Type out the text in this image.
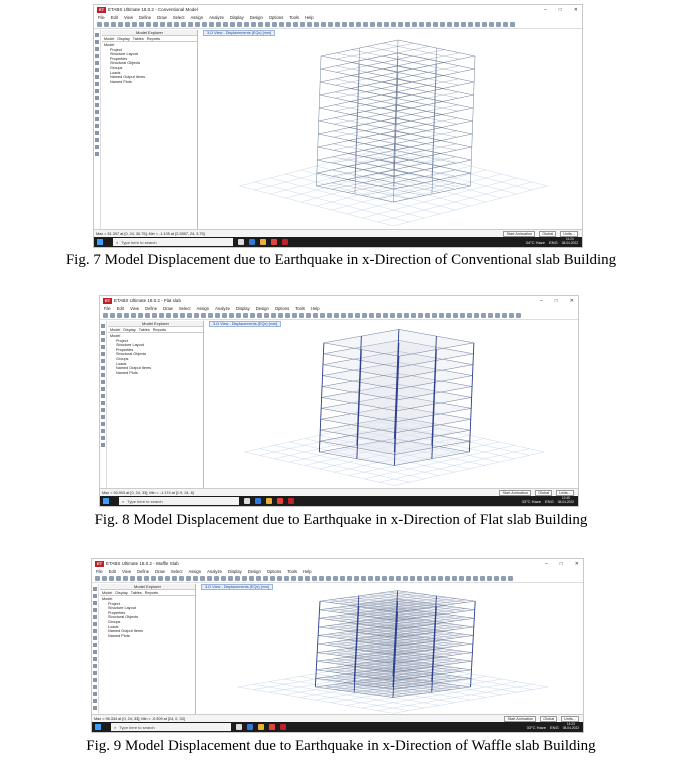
ET ETABS Ultimate 18.0.2 - Conventional Model	– □ ✕
File Edit View Define Draw Select Assign Analyze Display Design Options Tools Help
Model Explorer
Model Display Tables Reports
Model
Project
Structure Layout
Properties
Structural Objects
Groups
Loads
Named Output Items
Named Plots
3-D View - Displacements (EQx) [mm]
Max = 51.397 at [0, 24, 30.75]; Min = -1.105 at [2.2857, 24, 3.75]	Start Animation	Global	Units...
⌕ Type here to search	34°C Haze ENG
11:24
08-04-2022
Fig. 7 Model Displacement due to Earthquake in x-Direction of Conventional slab Building
ET ETABS Ultimate 18.0.2 - Flat slab	– □ ✕
File Edit View Define Draw Select Assign Analyze Display Design Options Tools Help
Model Explorer
Model Display Tables Reports
Model
Project
Structure Layout
Properties
Structural Objects
Groups
Loads
Named Output Items
Named Plots
3-D View - Displacements (EQx) [mm]
Max = 93.903 at [0, 24, 33]; Min = -1.174 at [1.9, 24, 6]	Start Animation	Global	Units...
⌕ Type here to search	33°C Haze ENG
12:45
08-04-2022
Fig. 8 Model Displacement due to Earthquake in x-Direction of Flat slab Building
ET ETABS Ultimate 18.0.2 - Waffle Slab	– □ ✕
File Edit View Define Draw Select Assign Analyze Display Design Options Tools Help
Model Explorer
Model Display Tables Reports
Model
Project
Structure Layout
Properties
Structural Objects
Groups
Loads
Named Output Items
Named Plots
3-D View - Displacements (EQx) [mm]
Max = 96.334 at [0, 24, 33]; Min = -0.909 at [24, 0, 33]	Start Animation	Global	Units...
⌕ Type here to search	33°C Haze ENG
14:23
08-04-2022
Fig. 9 Model Displacement due to Earthquake in x-Direction of Waffle slab Building
